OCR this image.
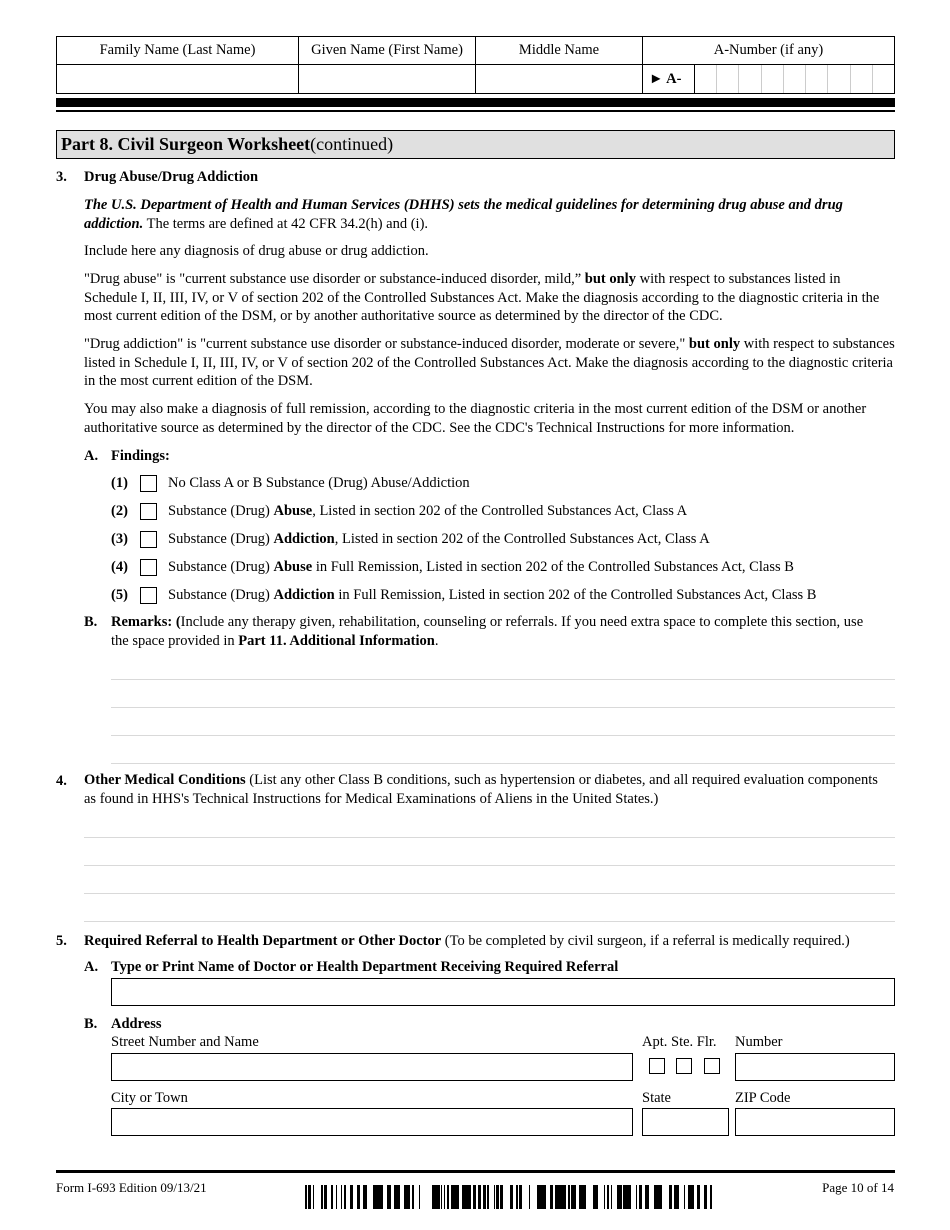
Family Name (Last Name)	Given Name (First Name)	Middle Name	A-Number (if any)
► A-
Part 8. Civil Surgeon Worksheet (continued)
3. Drug Abuse/Drug Addiction
The U.S. Department of Health and Human Services (DHHS) sets the medical guidelines for determining drug abuse and drug addiction. The terms are defined at 42 CFR 34.2(h) and (i).
Include here any diagnosis of drug abuse or drug addiction.
"Drug abuse" is "current substance use disorder or substance-induced disorder, mild,” but only with respect to substances listed in Schedule I, II, III, IV, or V of section 202 of the Controlled Substances Act. Make the diagnosis according to the diagnostic criteria in the most current edition of the DSM, or by another authoritative source as determined by the director of the CDC.
"Drug addiction" is "current substance use disorder or substance-induced disorder, moderate or severe," but only with respect to substances listed in Schedule I, II, III, IV, or V of section 202 of the Controlled Substances Act. Make the diagnosis according to the diagnostic criteria in the most current edition of the DSM.
You may also make a diagnosis of full remission, according to the diagnostic criteria in the most current edition of the DSM or another authoritative source as determined by the director of the CDC. See the CDC's Technical Instructions for more information.
A. Findings:
(1)	No Class A or B Substance (Drug) Abuse/Addiction
(2)	Substance (Drug) Abuse, Listed in section 202 of the Controlled Substances Act, Class A
(3)	Substance (Drug) Addiction, Listed in section 202 of the Controlled Substances Act, Class A
(4)	Substance (Drug) Abuse in Full Remission, Listed in section 202 of the Controlled Substances Act, Class B
(5)	Substance (Drug) Addiction in Full Remission, Listed in section 202 of the Controlled Substances Act, Class B
B. Remarks: (Include any therapy given, rehabilitation, counseling or referrals. If you need extra space to complete this section, use the space provided in Part 11. Additional Information.
4. Other Medical Conditions (List any other Class B conditions, such as hypertension or diabetes, and all required evaluation components as found in HHS's Technical Instructions for Medical Examinations of Aliens in the United States.)
5. Required Referral to Health Department or Other Doctor (To be completed by civil surgeon, if a referral is medically required.)
A. Type or Print Name of Doctor or Health Department Receiving Required Referral
B. Address
Street Number and Name	Apt. Ste. Flr. Number
City or Town	State	ZIP Code
Form I-693 Edition 09/13/21	Page 10 of 14
